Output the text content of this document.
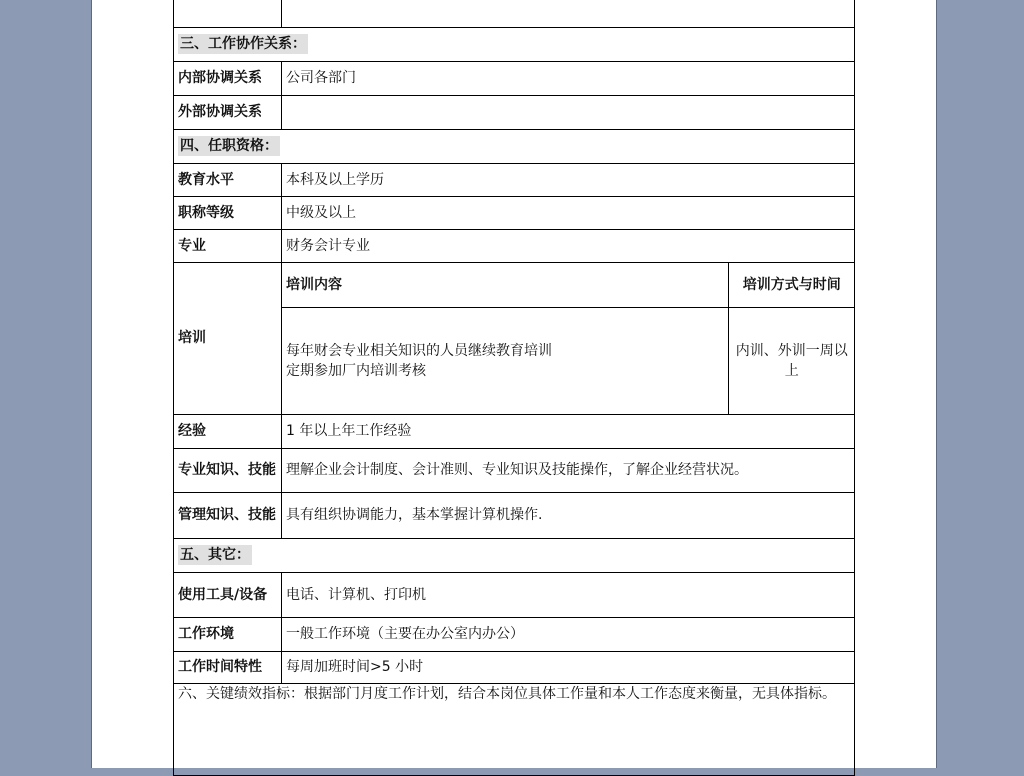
三、工作协作关系：
内部协调关系	公司各部门
外部协调关系	
四、任职资格：
教育水平	本科及以上学历
职称等级	中级及以上
专业	财务会计专业
培训	
培训内容	培训方式与时间

每年财会专业相关知识的人员继续教育培训
定期参加厂内培训考核
	内训、外训一周以上

经验	1 年以上年工作经验
专业知识、技能	理解企业会计制度、会计准则、专业知识及技能操作，了解企业经营状况。
管理知识、技能	具有组织协调能力，基本掌握计算机操作.
五、其它：
使用工具/设备	电话、计算机、打印机
工作环境	一般工作环境（主要在办公室内办公）
工作时间特性	每周加班时间>5 小时
六、关键绩效指标：根据部门月度工作计划，结合本岗位具体工作量和本人工作态度来衡量，无具体指标。
